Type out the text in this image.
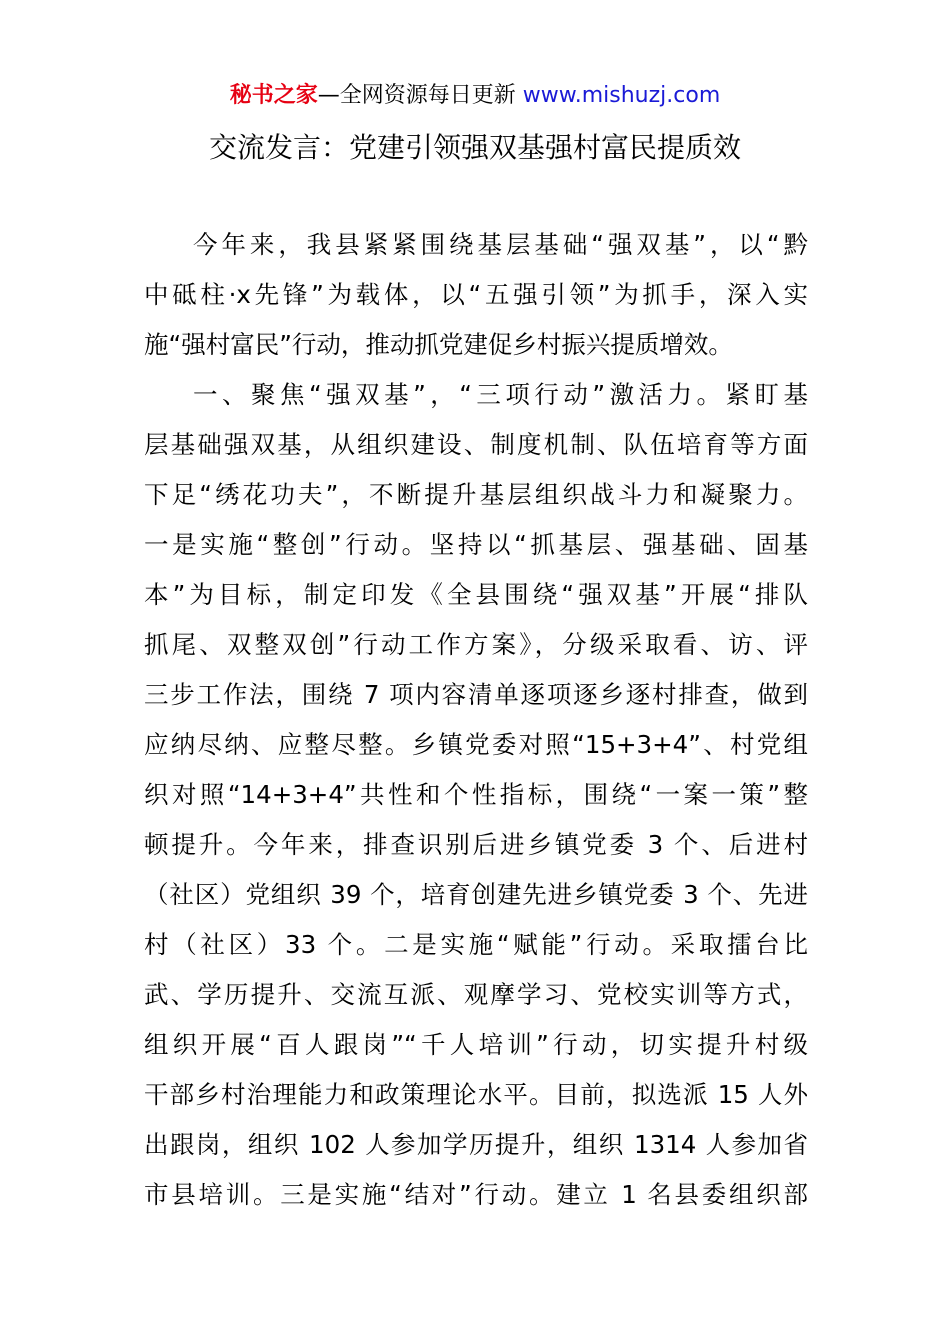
秘书之家—全网资源每日更新 www.mishuzj.com
交流发言：党建引领强双基强村富民提质效
今年来，我县紧紧围绕基层基础“强双基”，以“黔
中砥柱·x先锋”为载体，以“五强引领”为抓手，深入实
施“强村富民”行动，推动抓党建促乡村振兴提质增效。
一、聚焦“强双基”，“三项行动”激活力。紧盯基
层基础强双基，从组织建设、制度机制、队伍培育等方面
下足“绣花功夫”，不断提升基层组织战斗力和凝聚力。
一是实施“整创”行动。坚持以“抓基层、强基础、固基
本”为目标，制定印发《全县围绕“强双基”开展“排队
抓尾、双整双创”行动工作方案》，分级采取看、访、评
三步工作法，围绕 7 项内容清单逐项逐乡逐村排查，做到
应纳尽纳、应整尽整。乡镇党委对照“15+3+4”、村党组
织对照“14+3+4”共性和个性指标，围绕“一案一策”整
顿提升。今年来，排查识别后进乡镇党委 3 个、后进村
（社区）党组织 39 个，培育创建先进乡镇党委 3 个、先进
村（社区）33 个。二是实施“赋能”行动。采取擂台比
武、学历提升、交流互派、观摩学习、党校实训等方式，
组织开展“百人跟岗”“千人培训”行动，切实提升村级
干部乡村治理能力和政策理论水平。目前，拟选派 15 人外
出跟岗，组织 102 人参加学历提升，组织 1314 人参加省
市县培训。三是实施“结对”行动。建立 1 名县委组织部
